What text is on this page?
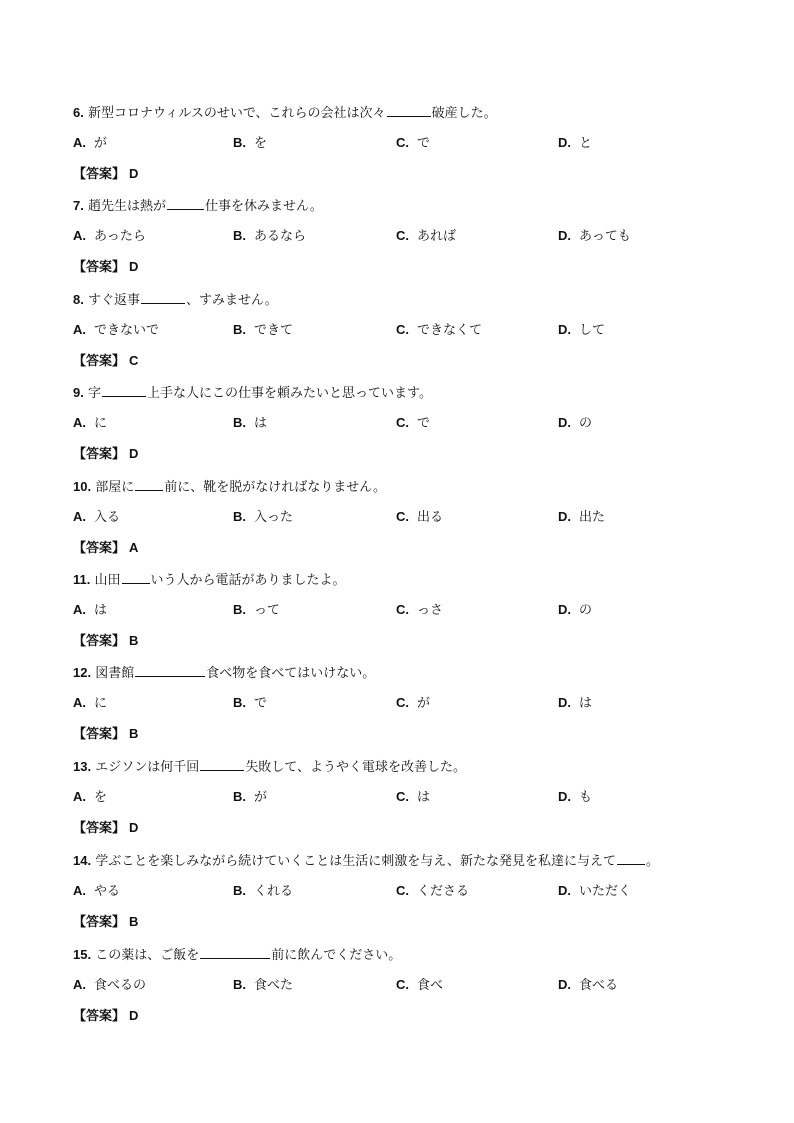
6. 新型コロナウィルスのせいで、これらの会社は次々	破産した。
A. が	B. を	C. で	D. と
【答案】 D
7. 趙先生は熱が	仕事を休みません。
A. あったら	B. あるなら	C. あれば	D. あっても
【答案】 D
8. すぐ返事	、すみません。
A. できないで	B. できて	C. できなくて	D. して
【答案】 C
9. 字	上手な人にこの仕事を頼みたいと思っています。
A. に	B. は	C. で	D. の
【答案】 D
10. 部屋に 前に、靴を脱がなければなりません。
A. 入る	B. 入った	C. 出る	D. 出た
【答案】 A
11. 山田 いう人から電話がありましたよ。
A. は	B. って	C. っさ	D. の
【答案】 B
12. 図書館	食べ物を食べてはいけない。
A. に	B. で	C. が	D. は
【答案】 B
13. エジソンは何千回	失敗して、ようやく電球を改善した。
A. を	B. が	C. は	D. も
【答案】 D
14. 学ぶことを楽しみながら続けていくことは生活に刺激を与え、新たな発見を私達に与えて 。
A. やる	B. くれる	C. くださる	D. いただく
【答案】 B
15. この薬は、ご飯を	前に飲んでください。
A. 食べるの	B. 食べた	C. 食べ	D. 食べる
【答案】 D
